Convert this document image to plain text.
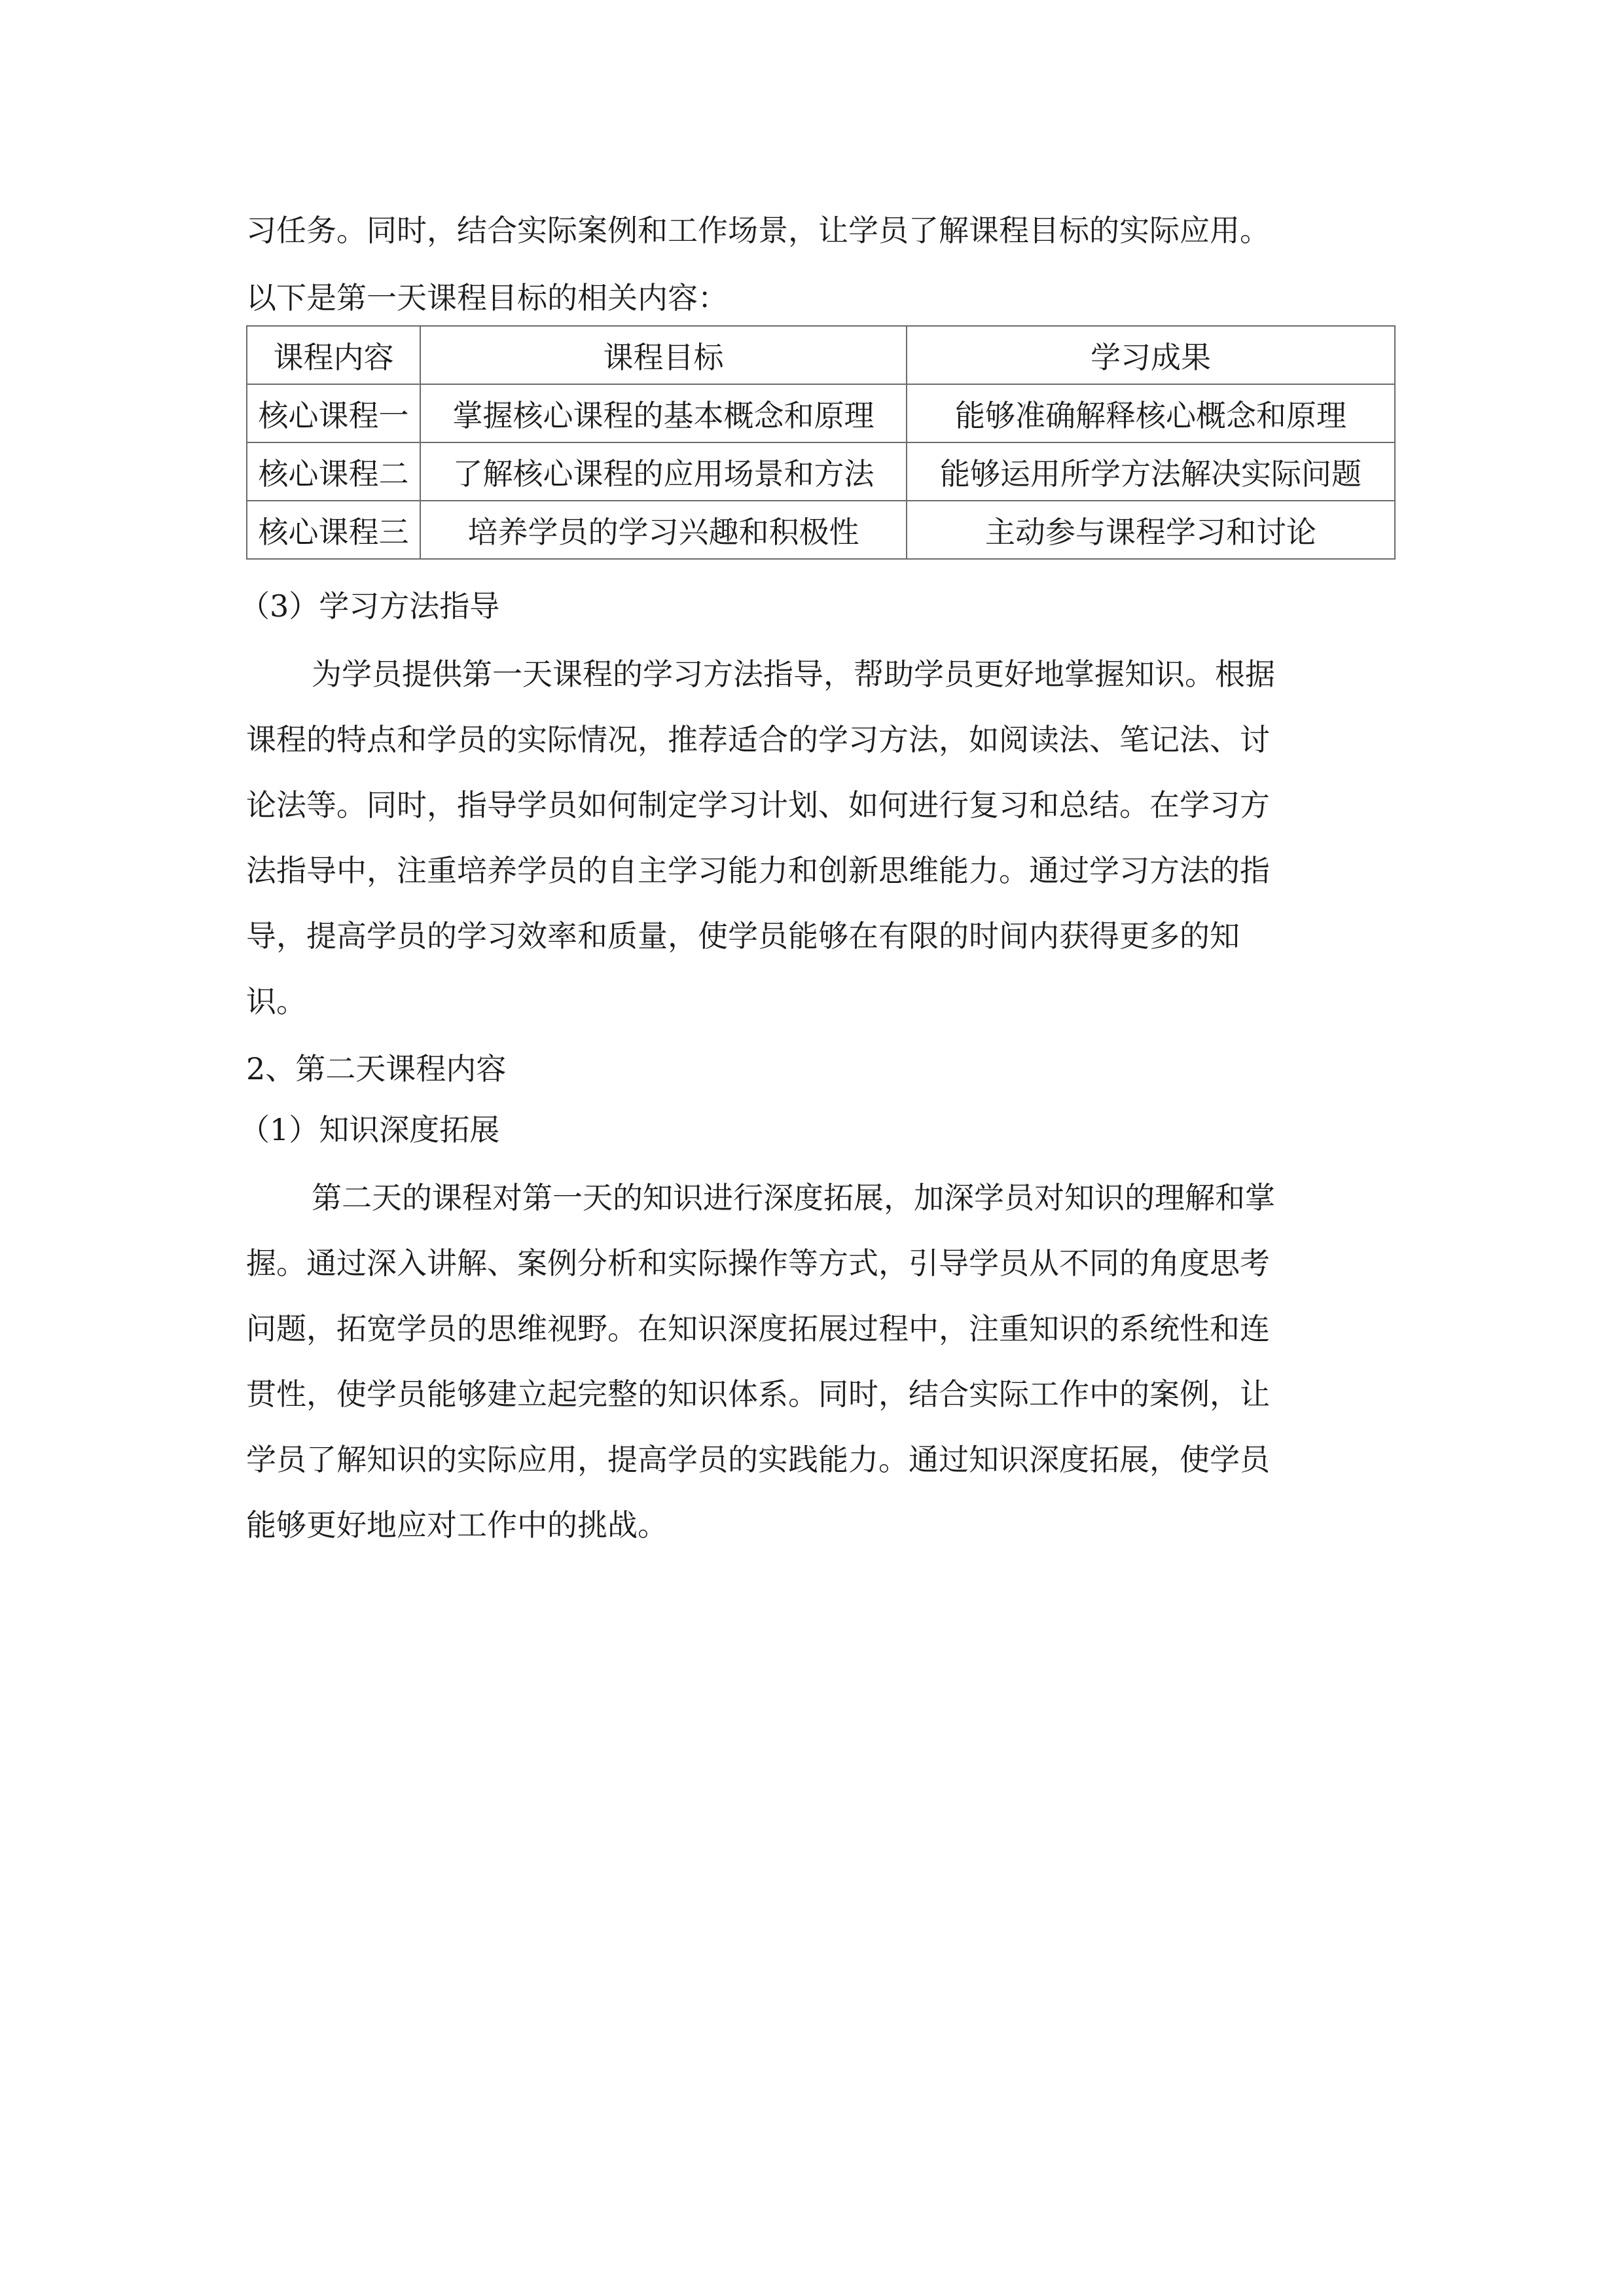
习任务。同时，结合实际案例和工作场景，让学员了解课程目标的实际应用。
以下是第一天课程目标的相关内容：
课程内容	课程目标	学习成果
核心课程一	掌握核心课程的基本概念和原理	能够准确解释核心概念和原理
核心课程二	了解核心课程的应用场景和方法	能够运用所学方法解决实际问题
核心课程三	培养学员的学习兴趣和积极性	主动参与课程学习和讨论
（3）学习方法指导
为学员提供第一天课程的学习方法指导，帮助学员更好地掌握知识。根据
课程的特点和学员的实际情况，推荐适合的学习方法，如阅读法、笔记法、讨
论法等。同时，指导学员如何制定学习计划、如何进行复习和总结。在学习方
法指导中，注重培养学员的自主学习能力和创新思维能力。通过学习方法的指
导，提高学员的学习效率和质量，使学员能够在有限的时间内获得更多的知
识。
2、第二天课程内容
（1）知识深度拓展
第二天的课程对第一天的知识进行深度拓展，加深学员对知识的理解和掌
握。通过深入讲解、案例分析和实际操作等方式，引导学员从不同的角度思考
问题，拓宽学员的思维视野。在知识深度拓展过程中，注重知识的系统性和连
贯性，使学员能够建立起完整的知识体系。同时，结合实际工作中的案例，让
学员了解知识的实际应用，提高学员的实践能力。通过知识深度拓展，使学员
能够更好地应对工作中的挑战。
